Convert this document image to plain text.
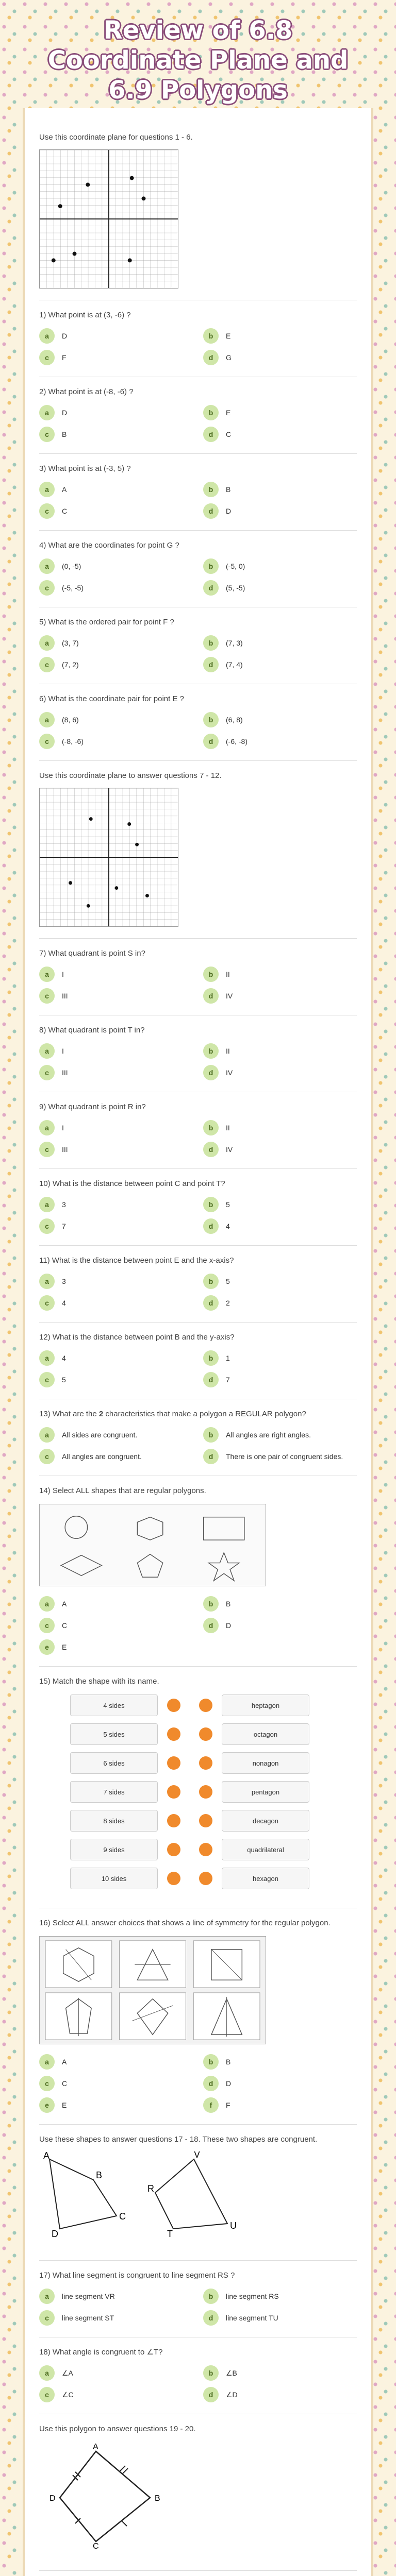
Review of 6.8 Coordinate Plane and 6.9 Polygons
Use this coordinate plane for questions 1 - 6.
1) What point is at (3, -6) ?
a	D	b	E
c	F	d	G
2) What point is at (-8, -6) ?
a	D	b	E
c	B	d	C
3) What point is at (-3, 5) ?
a	A	b	B
c	C	d	D
4) What are the coordinates for point G ?
a	(0, -5)	b	(-5, 0)
c	(-5, -5)	d	(5, -5)
5) What is the ordered pair for point F ?
a	(3, 7)	b	(7, 3)
c	(7, 2)	d	(7, 4)
6) What is the coordinate pair for point E ?
a	(8, 6)	b	(6, 8)
c	(-8, -6)	d	(-6, -8)
Use this coordinate plane to answer questions 7 - 12.
7) What quadrant is point S in?
a	I	b	II
c	III	d	IV
8) What quadrant is point T in?
a	I	b	II
c	III	d	IV
9) What quadrant is point R in?
a	I	b	II
c	III	d	IV
10) What is the distance between point C and point T?
a	3	b	5
c	7	d	4
11) What is the distance between point E and the x-axis?
a	3	b	5
c	4	d	2
12) What is the distance between point B and the y-axis?
a	4	b	1
c	5	d	7
13) What are the 2 characteristics that make a polygon a REGULAR polygon?
a	All sides are congruent.	b	All angles are right angles.
c	All angles are congruent.	d	There is one pair of congruent sides.
14) Select ALL shapes that are regular polygons.
a	A	b	B
c	C	d	D
e	E
15) Match the shape with its name.
4 sides	heptagon
5 sides	octagon
6 sides	nonagon
7 sides	pentagon
8 sides	decagon
9 sides	quadrilateral
10 sides	hexagon
16) Select ALL answer choices that shows a line of symmetry for the regular polygon.
a	A	b	B
c	C	d	D
e	E	f	F
Use these shapes to answer questions 17 - 18. These two shapes are congruent.
A
B
C
D
V
U
T
R
17) What line segment is congruent to line segment RS ?
a	line segment VR	b	line segment RS
c	line segment ST	d	line segment TU
18) What angle is congruent to ∠T?
a	∠A	b	∠B
c	∠C	d	∠D
Use this polygon to answer questions 19 - 20.
A
B
C
D
